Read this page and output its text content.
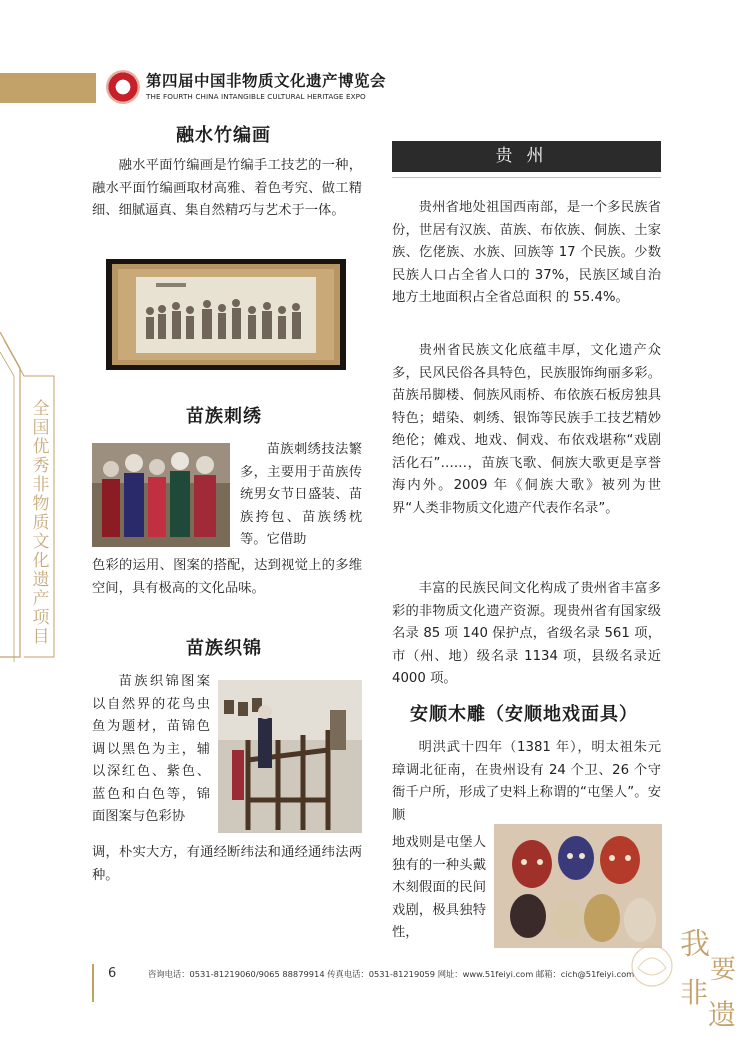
第四届中国非物质文化遗产博览会
THE FOURTH CHINA INTANGIBLE CULTURAL HERITAGE EXPO
全国优秀非物质文化遗产项目
融水竹编画
融水平面竹编画是竹编手工技艺的一种，融水平面竹编画取材高雅、着色考究、做工精细、细腻逼真、集自然精巧与艺术于一体。
苗族刺绣
苗族刺绣技法繁多，主要用于苗族传统男女节日盛装、苗族挎包、苗族绣枕等。它借助
色彩的运用、图案的搭配，达到视觉上的多维空间，具有极高的文化品味。
苗族织锦
苗族织锦图案以自然界的花鸟虫鱼为题材，苗锦色调以黑色为主，辅以深红色、紫色、蓝色和白色等，锦面图案与色彩协
调，朴实大方，有通经断纬法和通经通纬法两种。
贵州
贵州省地处祖国西南部，是一个多民族省份，世居有汉族、苗族、布依族、侗族、土家族、仡佬族、水族、回族等 17 个民族。少数民族人口占全省人口的 37%，民族区域自治地方土地面积占全省总面积 的 55.4%。
贵州省民族文化底蕴丰厚，文化遗产众多，民风民俗各具特色，民族服饰绚丽多彩。苗族吊脚楼、侗族风雨桥、布依族石板房独具特色；蜡染、刺绣、银饰等民族手工技艺精妙绝伦；傩戏、地戏、侗戏、布依戏堪称“戏剧活化石”……，苗族飞歌、侗族大歌更是享誉海内外。2009 年《侗族大歌》被列为世界“人类非物质文化遗产代表作名录”。
丰富的民族民间文化构成了贵州省丰富多彩的非物质文化遗产资源。现贵州省有国家级名录 85 项 140 保护点，省级名录 561 项，市（州、地）级名录 1134 项，县级名录近 4000 项。
安顺木雕（安顺地戏面具）
明洪武十四年（1381 年），明太祖朱元璋调北征南，在贵州设有 24 个卫、26 个守衙千户所，形成了史料上称谓的“屯堡人”。安顺
地戏则是屯堡人独有的一种头戴木刻假面的民间戏剧，极具独特性，
6	咨询电话：0531-81219060/9065 88879914 传真电话：0531-81219059 网址：www.51feiyi.com 邮箱：cich@51feiyi.com
我
要
非
遗
